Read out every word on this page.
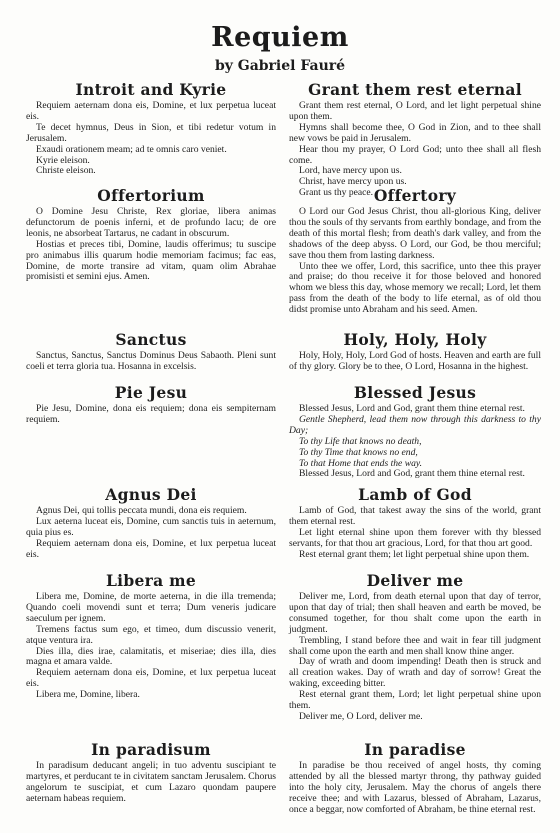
Requiem
by Gabriel Fauré
Introit and Kyrie

Requiem aeternam dona eis, Domine, et lux perpetua luceat eis.

Te decet hymnus, Deus in Sion, et tibi redetur votum in Jerusalem.

Exaudi orationem meam; ad te omnis caro veniet.

Kyrie eleison.

Christe eleison.

Offertorium

O Domine Jesu Christe, Rex gloriae, libera animas defunctorum de poenis inferni, et de profundo lacu; de ore leonis, ne absorbeat Tartarus, ne cadant in obscurum.

Hostias et preces tibi, Domine, laudis offerimus; tu suscipe pro animabus illis quarum hodie memoriam facimus; fac eas, Domine, de morte transire ad vitam, quam olim Abrahae promisisti et semini ejus. Amen.

Sanctus

Sanctus, Sanctus, Sanctus Dominus Deus Sabaoth. Pleni sunt coeli et terra gloria tua. Hosanna in excelsis.

Pie Jesu

Pie Jesu, Domine, dona eis requiem; dona eis sempiternam requiem.

Agnus Dei

Agnus Dei, qui tollis peccata mundi, dona eis requiem.

Lux aeterna luceat eis, Domine, cum sanctis tuis in aeternum, quia pius es.

Requiem aeternam dona eis, Domine, et lux perpetua luceat eis.

Libera me

Libera me, Domine, de morte aeterna, in die illa tremenda; Quando coeli movendi sunt et terra; Dum veneris judicare saeculum per ignem.

Tremens factus sum ego, et timeo, dum discussio venerit, atque ventura ira.

Dies illa, dies irae, calamitatis, et miseriae; dies illa, dies magna et amara valde.

Requiem aeternam dona eis, Domine, et lux perpetua luceat eis.

Libera me, Domine, libera.

In paradisum

In paradisum deducant angeli; in tuo adventu suscipiant te martyres, et perducant te in civitatem sanctam Jerusalem. Chorus angelorum te suscipiat, et cum Lazaro quondam paupere aeternam habeas requiem.

Grant them rest eternal

Grant them rest eternal, O Lord, and let light perpetual shine upon them.

Hymns shall become thee, O God in Zion, and to thee shall new vows be paid in Jerusalem.

Hear thou my prayer, O Lord God; unto thee shall all flesh come.

Lord, have mercy upon us.

Christ, have mercy upon us.

Grant us thy peace. Offertory

O Lord our God Jesus Christ, thou all-glorious King, deliver thou the souls of thy servants from earthly bondage, and from the death of this mortal flesh; from death's dark valley, and from the shadows of the deep abyss. O Lord, our God, be thou merciful; save thou them from lasting darkness.

Unto thee we offer, Lord, this sacrifice, unto thee this prayer and praise; do thou receive it for those beloved and honored whom we bless this day, whose memory we recall; Lord, let them pass from the death of the body to life eternal, as of old thou didst promise unto Abraham and his seed. Amen.

Holy, Holy, Holy

Holy, Holy, Holy, Lord God of hosts. Heaven and earth are full of thy glory. Glory be to thee, O Lord, Hosanna in the highest.

Blessed Jesus

Blessed Jesus, Lord and God, grant them thine eternal rest.

Gentle Shepherd, lead them now through this darkness to thy Day;

To thy Life that knows no death,

To thy Time that knows no end,

To that Home that ends the way.

Blessed Jesus, Lord and God, grant them thine eternal rest.

Lamb of God

Lamb of God, that takest away the sins of the world, grant them eternal rest.

Let light eternal shine upon them forever with thy blessed servants, for that thou art gracious, Lord, for that thou art good.

Rest eternal grant them; let light perpetual shine upon them.

Deliver me

Deliver me, Lord, from death eternal upon that day of terror, upon that day of trial; then shall heaven and earth be moved, be consumed together, for thou shalt come upon the earth in judgment.

Trembling, I stand before thee and wait in fear till judgment shall come upon the earth and men shall know thine anger.

Day of wrath and doom impending! Death then is struck and all creation wakes. Day of wrath and day of sorrow! Great the waking, exceeding bitter.

Rest eternal grant them, Lord; let light perpetual shine upon them.

Deliver me, O Lord, deliver me.

In paradise

In paradise be thou received of angel hosts, thy coming attended by all the blessed martyr throng, thy pathway guided into the holy city, Jerusalem. May the chorus of angels there receive thee; and with Lazarus, blessed of Abraham, Lazarus, once a beggar, now comforted of Abraham, be thine eternal rest.
